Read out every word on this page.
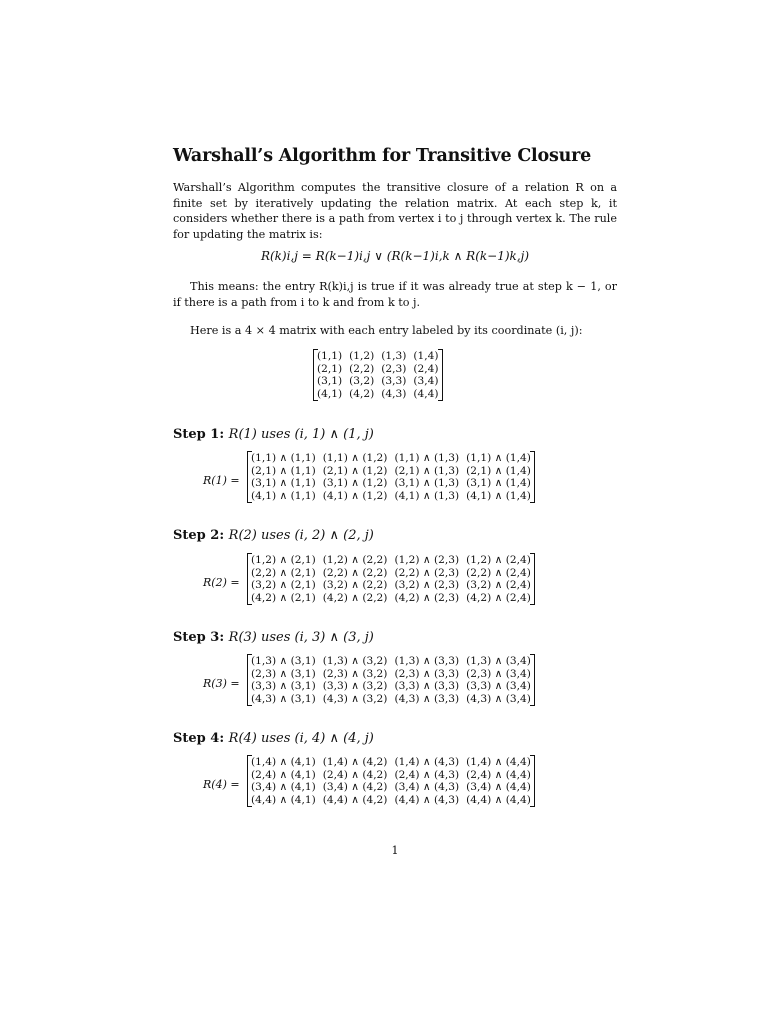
Warshall’s Algorithm for Transitive Closure
Warshall’s Algorithm computes the transitive closure of a relation R on a finite set by iteratively updating the relation matrix. At each step k, it considers whether there is a path from vertex i to j through vertex k. The rule for updating the matrix is:
R(k)i,j = R(k−1)i,j ∨ (R(k−1)i,k ∧ R(k−1)k,j)
This means: the entry R(k)i,j is true if it was already true at step k − 1, or if there is a path from i to k and from k to j.
Here is a 4 × 4 matrix with each entry labeled by its coordinate (i, j):
(1,1)	(1,2)	(1,3)	(1,4)
(2,1)	(2,2)	(2,3)	(2,4)
(3,1)	(3,2)	(3,3)	(3,4)
(4,1)	(4,2)	(4,3)	(4,4)
Step 1: R(1) uses (i, 1) ∧ (1, j)
R(1) =
(1,1) ∧ (1,1)	(1,1) ∧ (1,2)	(1,1) ∧ (1,3)	(1,1) ∧ (1,4)
(2,1) ∧ (1,1)	(2,1) ∧ (1,2)	(2,1) ∧ (1,3)	(2,1) ∧ (1,4)
(3,1) ∧ (1,1)	(3,1) ∧ (1,2)	(3,1) ∧ (1,3)	(3,1) ∧ (1,4)
(4,1) ∧ (1,1)	(4,1) ∧ (1,2)	(4,1) ∧ (1,3)	(4,1) ∧ (1,4)
Step 2: R(2) uses (i, 2) ∧ (2, j)
R(2) =
(1,2) ∧ (2,1)	(1,2) ∧ (2,2)	(1,2) ∧ (2,3)	(1,2) ∧ (2,4)
(2,2) ∧ (2,1)	(2,2) ∧ (2,2)	(2,2) ∧ (2,3)	(2,2) ∧ (2,4)
(3,2) ∧ (2,1)	(3,2) ∧ (2,2)	(3,2) ∧ (2,3)	(3,2) ∧ (2,4)
(4,2) ∧ (2,1)	(4,2) ∧ (2,2)	(4,2) ∧ (2,3)	(4,2) ∧ (2,4)
Step 3: R(3) uses (i, 3) ∧ (3, j)
R(3) =
(1,3) ∧ (3,1)	(1,3) ∧ (3,2)	(1,3) ∧ (3,3)	(1,3) ∧ (3,4)
(2,3) ∧ (3,1)	(2,3) ∧ (3,2)	(2,3) ∧ (3,3)	(2,3) ∧ (3,4)
(3,3) ∧ (3,1)	(3,3) ∧ (3,2)	(3,3) ∧ (3,3)	(3,3) ∧ (3,4)
(4,3) ∧ (3,1)	(4,3) ∧ (3,2)	(4,3) ∧ (3,3)	(4,3) ∧ (3,4)
Step 4: R(4) uses (i, 4) ∧ (4, j)
R(4) =
(1,4) ∧ (4,1)	(1,4) ∧ (4,2)	(1,4) ∧ (4,3)	(1,4) ∧ (4,4)
(2,4) ∧ (4,1)	(2,4) ∧ (4,2)	(2,4) ∧ (4,3)	(2,4) ∧ (4,4)
(3,4) ∧ (4,1)	(3,4) ∧ (4,2)	(3,4) ∧ (4,3)	(3,4) ∧ (4,4)
(4,4) ∧ (4,1)	(4,4) ∧ (4,2)	(4,4) ∧ (4,3)	(4,4) ∧ (4,4)
1
